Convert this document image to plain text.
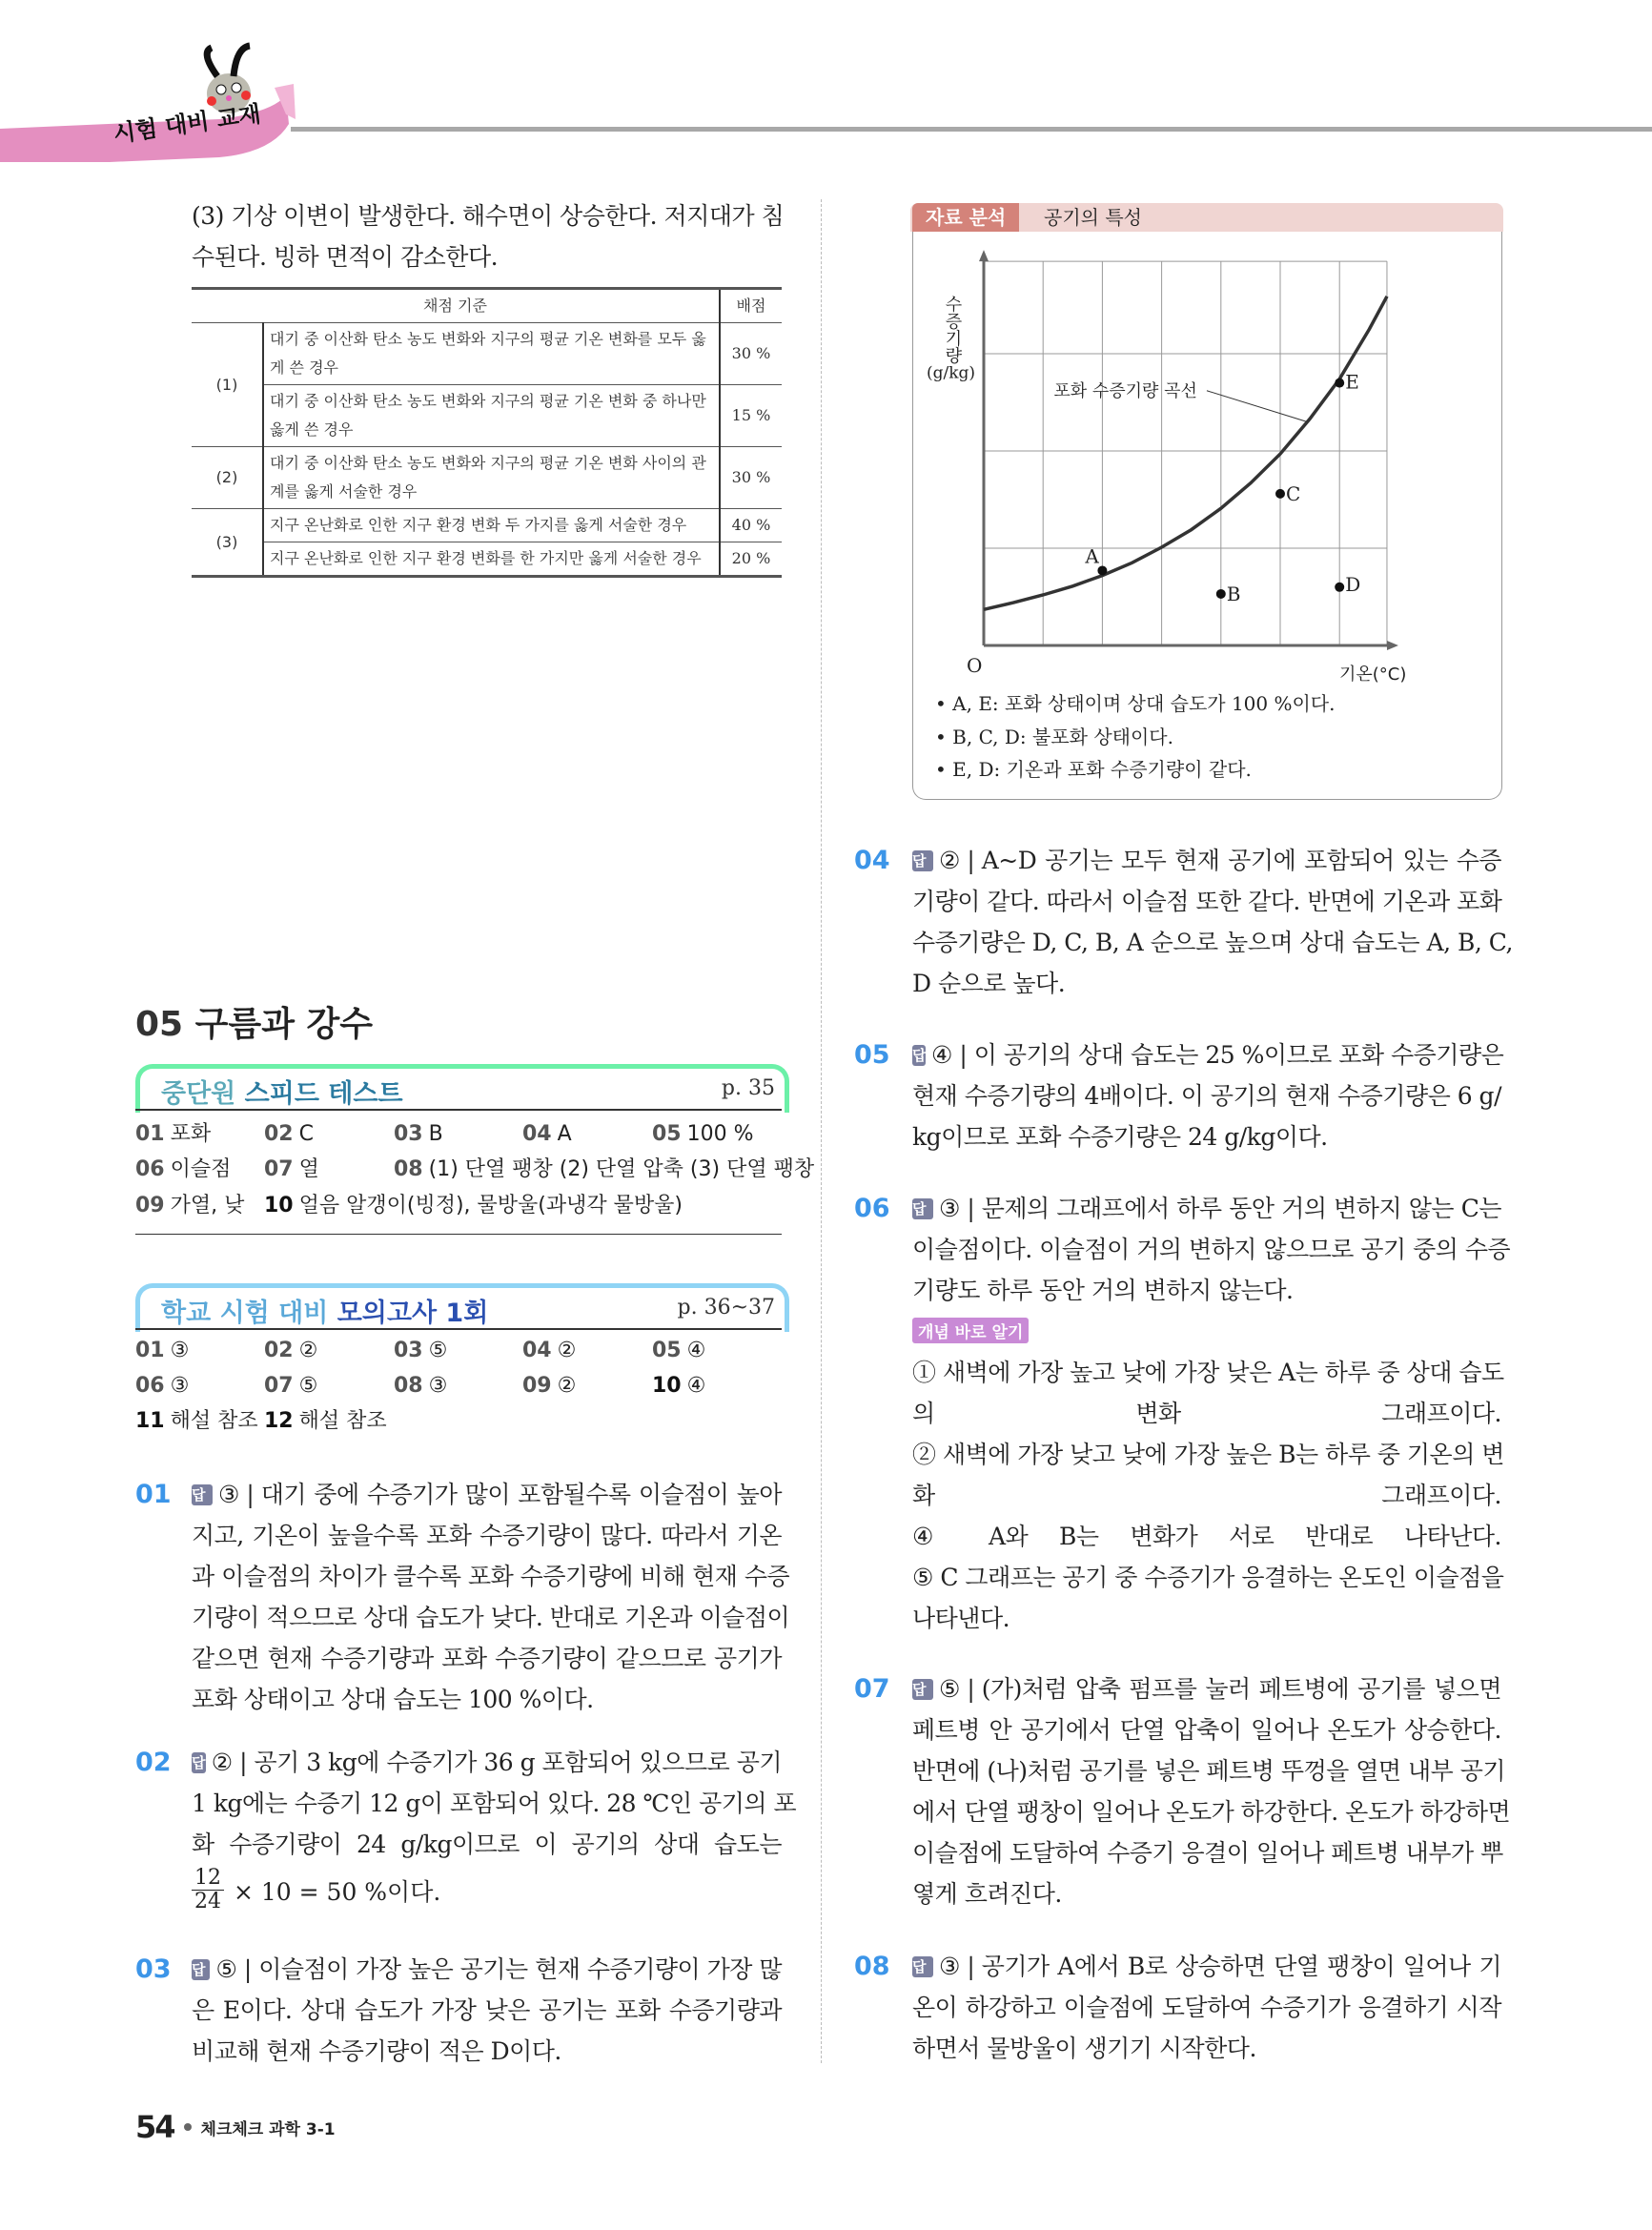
시험 대비 교재
(3) 기상 이변이 발생한다. 해수면이 상승한다. 저지대가 침
수된다. 빙하 면적이 감소한다.
채점 기준		배점
(1)	대기 중 이산화 탄소 농도 변화와 지구의 평균 기온 변화를 모두 옳게 쓴 경우	30 %
	대기 중 이산화 탄소 농도 변화와 지구의 평균 기온 변화 중 하나만 옳게 쓴 경우	15 %
(2)	대기 중 이산화 탄소 농도 변화와 지구의 평균 기온 변화 사이의 관계를 옳게 서술한 경우	30 %
(3)	지구 온난화로 인한 지구 환경 변화 두 가지를 옳게 서술한 경우	40 %
	지구 온난화로 인한 지구 환경 변화를 한 가지만 옳게 서술한 경우	20 %
05 구름과 강수
중단원 스피드 테스트	p. 35
01 포화	02 C	03 B	04 A	05 100 %
06 이슬점 07 열	08 (1) 단열 팽창 (2) 단열 압축 (3) 단열 팽창
09 가열, 낮 10 얼음 알갱이(빙정), 물방울(과냉각 물방울)
학교 시험 대비 모의고사 1회	p. 36~37
01 ③	02 ②	03 ⑤	04 ②	05 ④
06 ③	07 ⑤	08 ③	09 ②	10 ④
11 해설 참조 12 해설 참조
01 답 ③ | 대기 중에 수증기가 많이 포함될수록 이슬점이 높아
지고, 기온이 높을수록 포화 수증기량이 많다. 따라서 기온
과 이슬점의 차이가 클수록 포화 수증기량에 비해 현재 수증
기량이 적으므로 상대 습도가 낮다. 반대로 기온과 이슬점이
같으면 현재 수증기량과 포화 수증기량이 같으므로 공기가
포화 상태이고 상대 습도는 100 %이다.
02 답 ② | 공기 3 kg에 수증기가 36 g 포함되어 있으므로 공기
1 kg에는 수증기 12 g이 포함되어 있다. 28 ℃인 공기의 포
화 수증기량이 24 g/kg이므로 이 공기의 상대 습도는
$\frac{12}{24} \times 10 = 50$ %이다.
03 답 ⑤ | 이슬점이 가장 높은 공기는 현재 수증기량이 가장 많
은 E이다. 상대 습도가 가장 낮은 공기는 포화 수증기량과
비교해 현재 수증기량이 적은 D이다.
54 체크체크 과학 3-1
자료 분석	공기의 특성
포화 수증기량 곡선
A
B
C
D
E
O	기온(°C)
수증기량
(g/kg)
• A, E: 포화 상태이며 상대 습도가 100 %이다.
• B, C, D: 불포화 상태이다.
• E, D: 기온과 포화 수증기량이 같다.
04 답 ② | A~D 공기는 모두 현재 공기에 포함되어 있는 수증
기량이 같다. 따라서 이슬점 또한 같다. 반면에 기온과 포화
수증기량은 D, C, B, A 순으로 높으며 상대 습도는 A, B, C,
D 순으로 높다.
05 답 ④ | 이 공기의 상대 습도는 25 %이므로 포화 수증기량은
현재 수증기량의 4배이다. 이 공기의 현재 수증기량은 6 g/
kg이므로 포화 수증기량은 24 g/kg이다.
06 답 ③ | 문제의 그래프에서 하루 동안 거의 변하지 않는 C는
이슬점이다. 이슬점이 거의 변하지 않으므로 공기 중의 수증
기량도 하루 동안 거의 변하지 않는다.
개념 바로 알기
① 새벽에 가장 높고 낮에 가장 낮은 A는 하루 중 상대 습도
의 변화 그래프이다.
② 새벽에 가장 낮고 낮에 가장 높은 B는 하루 중 기온의 변
화 그래프이다.
④ A와 B는 변화가 서로 반대로 나타난다.
⑤ C 그래프는 공기 중 수증기가 응결하는 온도인 이슬점을
나타낸다.
07 답 ⑤ | (가)처럼 압축 펌프를 눌러 페트병에 공기를 넣으면
페트병 안 공기에서 단열 압축이 일어나 온도가 상승한다.
반면에 (나)처럼 공기를 넣은 페트병 뚜껑을 열면 내부 공기
에서 단열 팽창이 일어나 온도가 하강한다. 온도가 하강하면
이슬점에 도달하여 수증기 응결이 일어나 페트병 내부가 뿌
옇게 흐려진다.
08 답 ③ | 공기가 A에서 B로 상승하면 단열 팽창이 일어나 기
온이 하강하고 이슬점에 도달하여 수증기가 응결하기 시작
하면서 물방울이 생기기 시작한다.
